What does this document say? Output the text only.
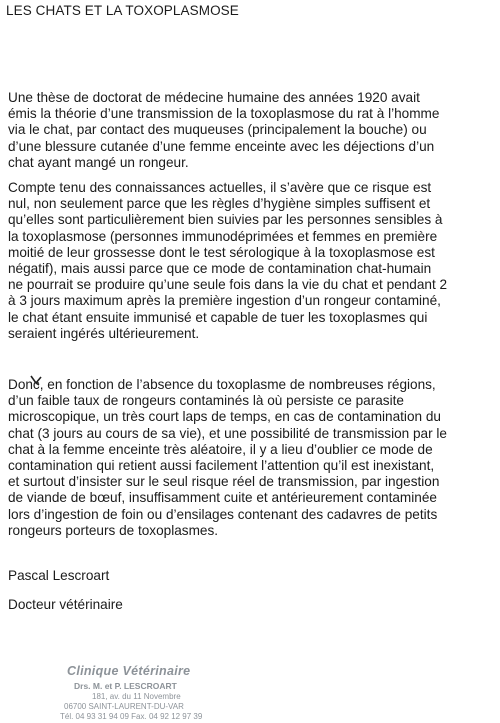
LES CHATS ET LA TOXOPLASMOSE

Une thèse de doctorat de médecine humaine des années 1920 avait
émis la théorie d’une transmission de la toxoplasmose du rat à l’homme
via le chat, par contact des muqueuses (principalement la bouche) ou
d’une blessure cutanée d’une femme enceinte avec les déjections d’un
chat ayant mangé un rongeur.

Compte tenu des connaissances actuelles, il s’avère que ce risque est
nul, non seulement parce que les règles d’hygiène simples suffisent et
qu’elles sont particulièrement bien suivies par les personnes sensibles à
la toxoplasmose (personnes immunodéprimées et femmes en première
moitié de leur grossesse dont le test sérologique à la toxoplasmose est
négatif), mais aussi parce que ce mode de contamination chat-humain
ne pourrait se produire qu’une seule fois dans la vie du chat et pendant 2
à 3 jours maximum après la première ingestion d’un rongeur contaminé,
le chat étant ensuite immunisé et capable de tuer les toxoplasmes qui
seraient ingérés ultérieurement.

Donc, en fonction de l’absence du toxoplasme de nombreuses régions,
d’un faible taux de rongeurs contaminés là où persiste ce parasite
microscopique, un très court laps de temps, en cas de contamination du
chat (3 jours au cours de sa vie), et une possibilité de transmission par le
chat à la femme enceinte très aléatoire, il y a lieu d’oublier ce mode de
contamination qui retient aussi facilement l’attention qu’il est inexistant,
et surtout d’insister sur le seul risque réel de transmission, par ingestion
de viande de bœuf, insuffisamment cuite et antérieurement contaminée
lors d’ingestion de foin ou d’ensilages contenant des cadavres de petits
rongeurs porteurs de toxoplasmes.

Pascal Lescroart
Docteur vétérinaire
Clinique Vétérinaire
Drs. M. et P. LESCROART
181, av. du 11 Novembre
06700 SAINT-LAURENT-DU-VAR
Tél. 04 93 31 94 09 Fax. 04 92 12 97 39
